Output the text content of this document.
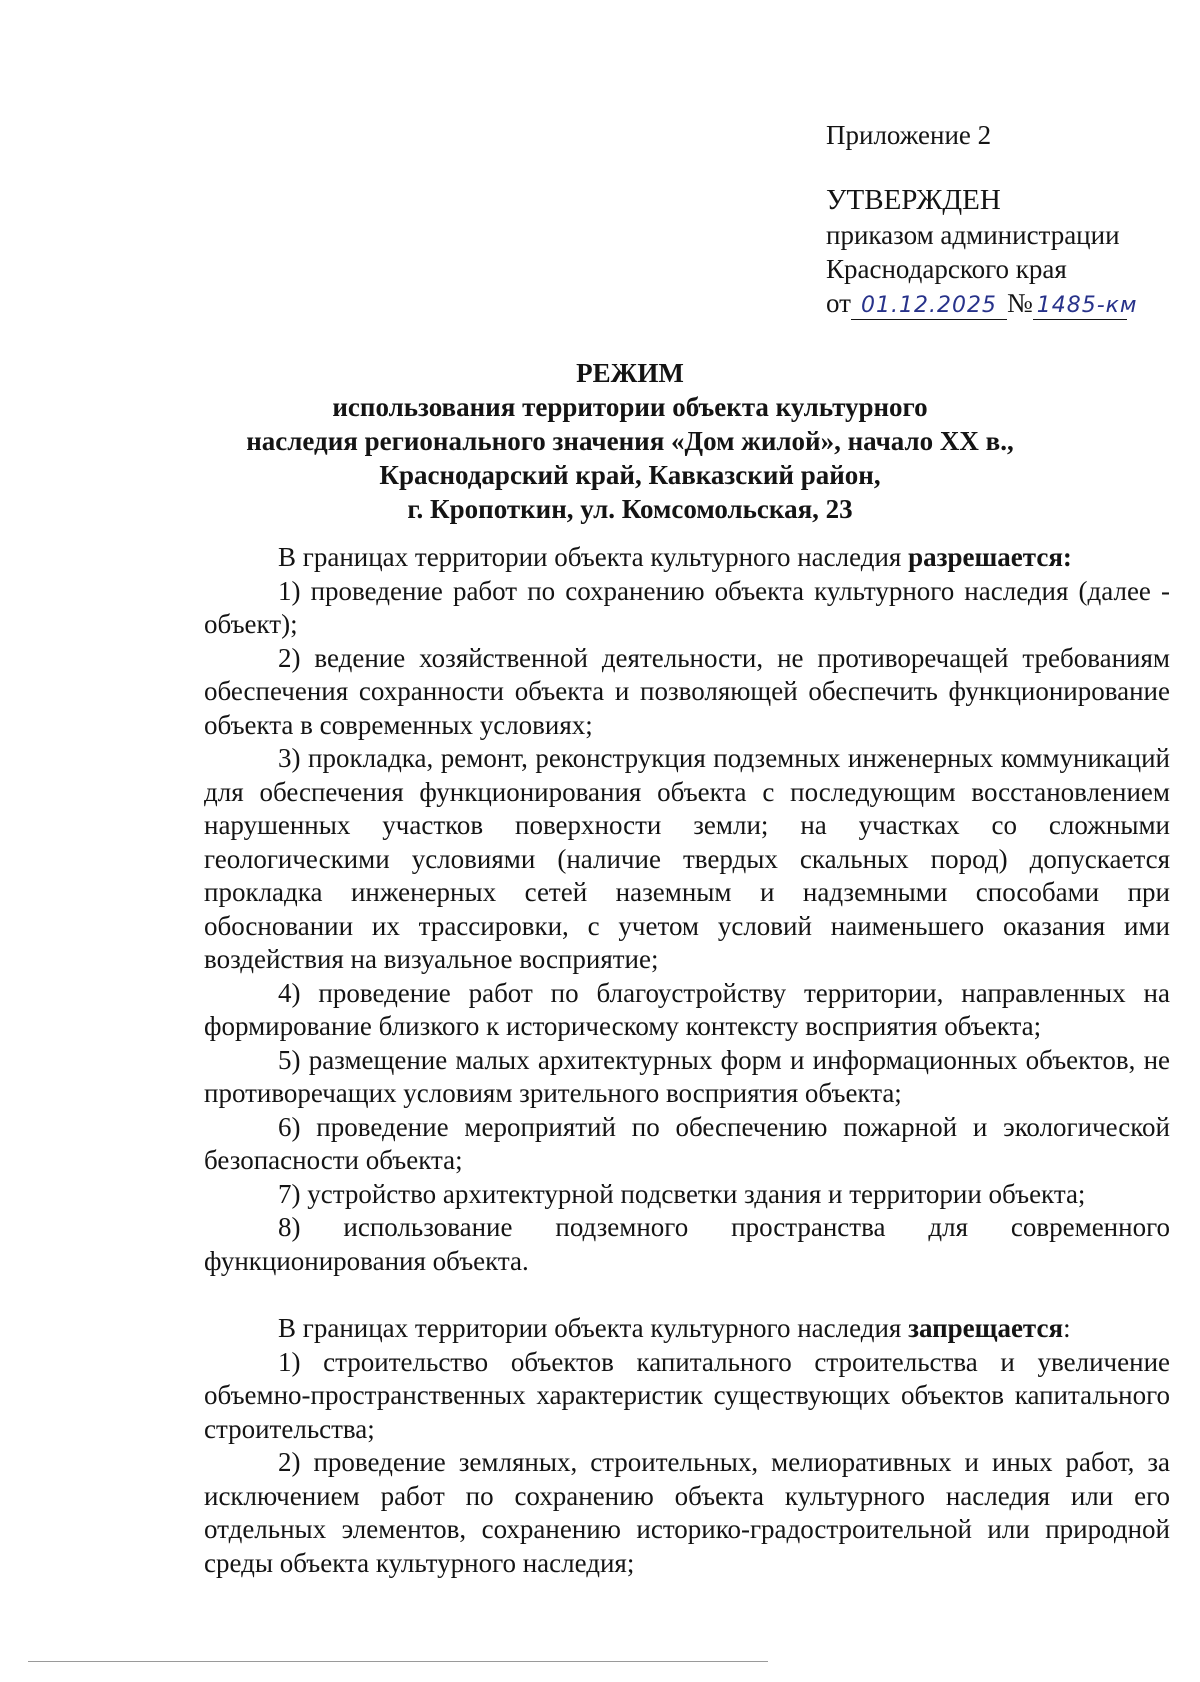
Приложение 2

УТВЕРЖДЕН

приказом администрации

Краснодарского края

от 01.12.2025 № 1485-км

РЕЖИМ

использования территории объекта культурного

наследия регионального значения «Дом жилой», начало XX в.,

Краснодарский край, Кавказский район,

г. Кропоткин, ул. Комсомольская, 23

В границах территории объекта культурного наследия разрешается:

1) проведение работ по сохранению объекта культурного наследия (далее - объект);

2) ведение хозяйственной деятельности, не противоречащей требованиям обеспечения сохранности объекта и позволяющей обеспечить функционирование объекта в современных условиях;

3) прокладка, ремонт, реконструкция подземных инженерных коммуникаций для обеспечения функционирования объекта с последующим восстановлением нарушенных участков поверхности земли; на участках со сложными геологическими условиями (наличие твердых скальных пород) допускается прокладка инженерных сетей наземным и надземными способами при обосновании их трассировки, с учетом условий наименьшего оказания ими воздействия на визуальное восприятие;

4) проведение работ по благоустройству территории, направленных на формирование близкого к историческому контексту восприятия объекта;

5) размещение малых архитектурных форм и информационных объектов, не противоречащих условиям зрительного восприятия объекта;

6) проведение мероприятий по обеспечению пожарной и экологической безопасности объекта;

7) устройство архитектурной подсветки здания и территории объекта;

8) использование подземного пространства для современного функционирования объекта.

В границах территории объекта культурного наследия запрещается:

1) строительство объектов капитального строительства и увеличение объемно-пространственных характеристик существующих объектов капитального строительства;

2) проведение земляных, строительных, мелиоративных и иных работ, за исключением работ по сохранению объекта культурного наследия или его отдельных элементов, сохранению историко-градостроительной или природной среды объекта культурного наследия;
